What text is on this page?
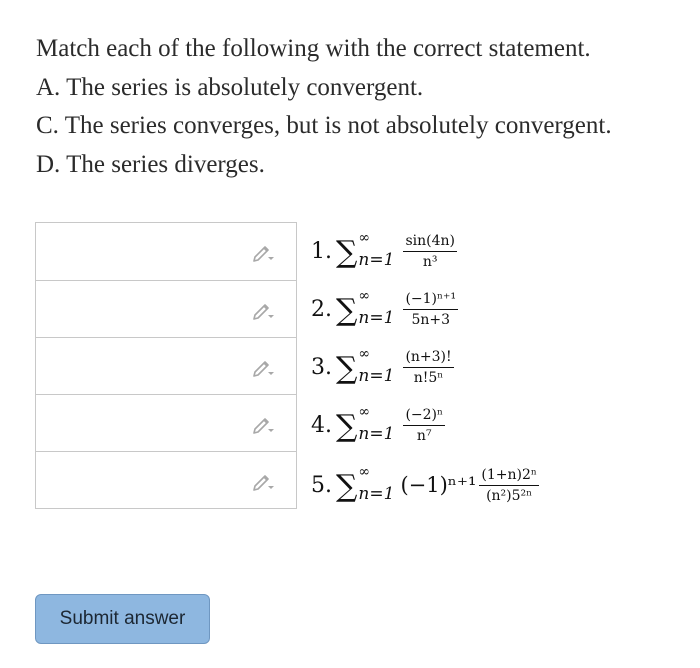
Match each of the following with the correct statement.
A. The series is absolutely convergent.
C. The series converges, but is not absolutely convergent.
D. The series diverges.
1. ∑ ∞
$n=1 \frac{\sin(4n)}{\text{n³}}$
2. ∑ ∞
$n=1 \frac{\text{(−1)ⁿ⁺¹}}{5n+3}$
3. ∑ ∞
$n=1 \frac{(n+3)!}{\text{n!5ⁿ}}$
4. ∑ ∞
$n=1 \frac{\text{(−2)ⁿ}}{\text{n⁷}}$
5. ∑ ∞
n=1 $(-1)^{n+1} \frac{\text{(1+n)2ⁿ}}{\text{(n²)5²ⁿ}}$
Submit answer
